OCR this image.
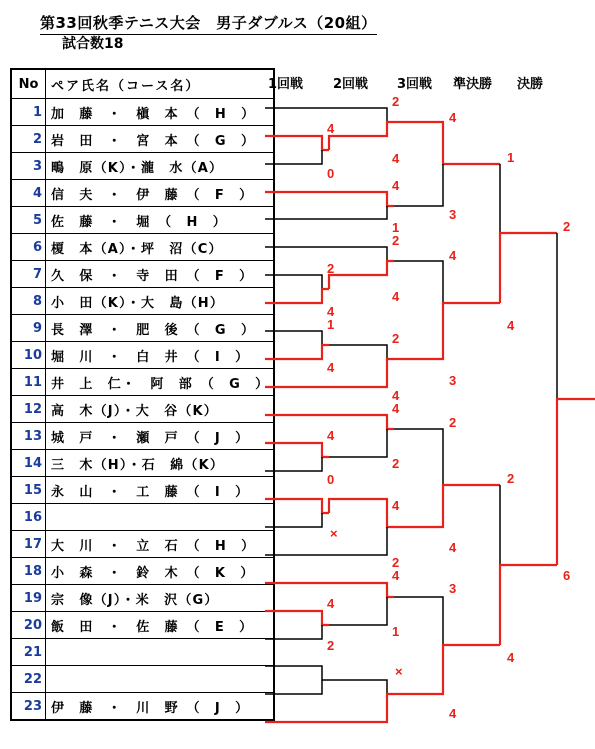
第33回秋季テニス大会　男子ダブルス（20組）
試合数18
1回戦 2回戦 3回戦 準決勝 決勝
No	ペア氏名（コース名）
1	加　藤　・　槇　本　（　H　）
2	岩　田　・　宮　本　（　G　）
3	鴫　原（K）・瀧　水（A）
4	信　夫　・　伊　藤　（　F　）
5	佐　藤　・　堀　（　H　）
6	榎　本（A）・坪　沼（C）
7	久　保　・　寺　田　（　F　）
8	小　田（K）・大　島（H）
9	長　澤　・　肥　後　（　G　）
10	堀　川　・　白　井　（　I　）
11	井　上　仁・　阿　部　（　G　）
12	高　木（J）・大　谷（K）
13	城　戸　・　瀬　戸　（　J　）
14	三　木（H）・石　綿（K）
15	永　山　・　工　藤　（　I　）
16	
17	大　川　・　立　石　（　H　）
18	小　森　・　鈴　木　（　K　）
19	宗　像（J）・米　沢（G）
20	飯　田　・　佐　藤　（　E　）
21	
22	
23	伊　藤　・　川　野　（　J　）
4
0
2
4
1
4
4
0
×
4
2
2
4
4
1
2
4
2
4
4
2
4
2
4
1
×
4
3
4
3
2
4
3
4
1
4
2
4
2
6
